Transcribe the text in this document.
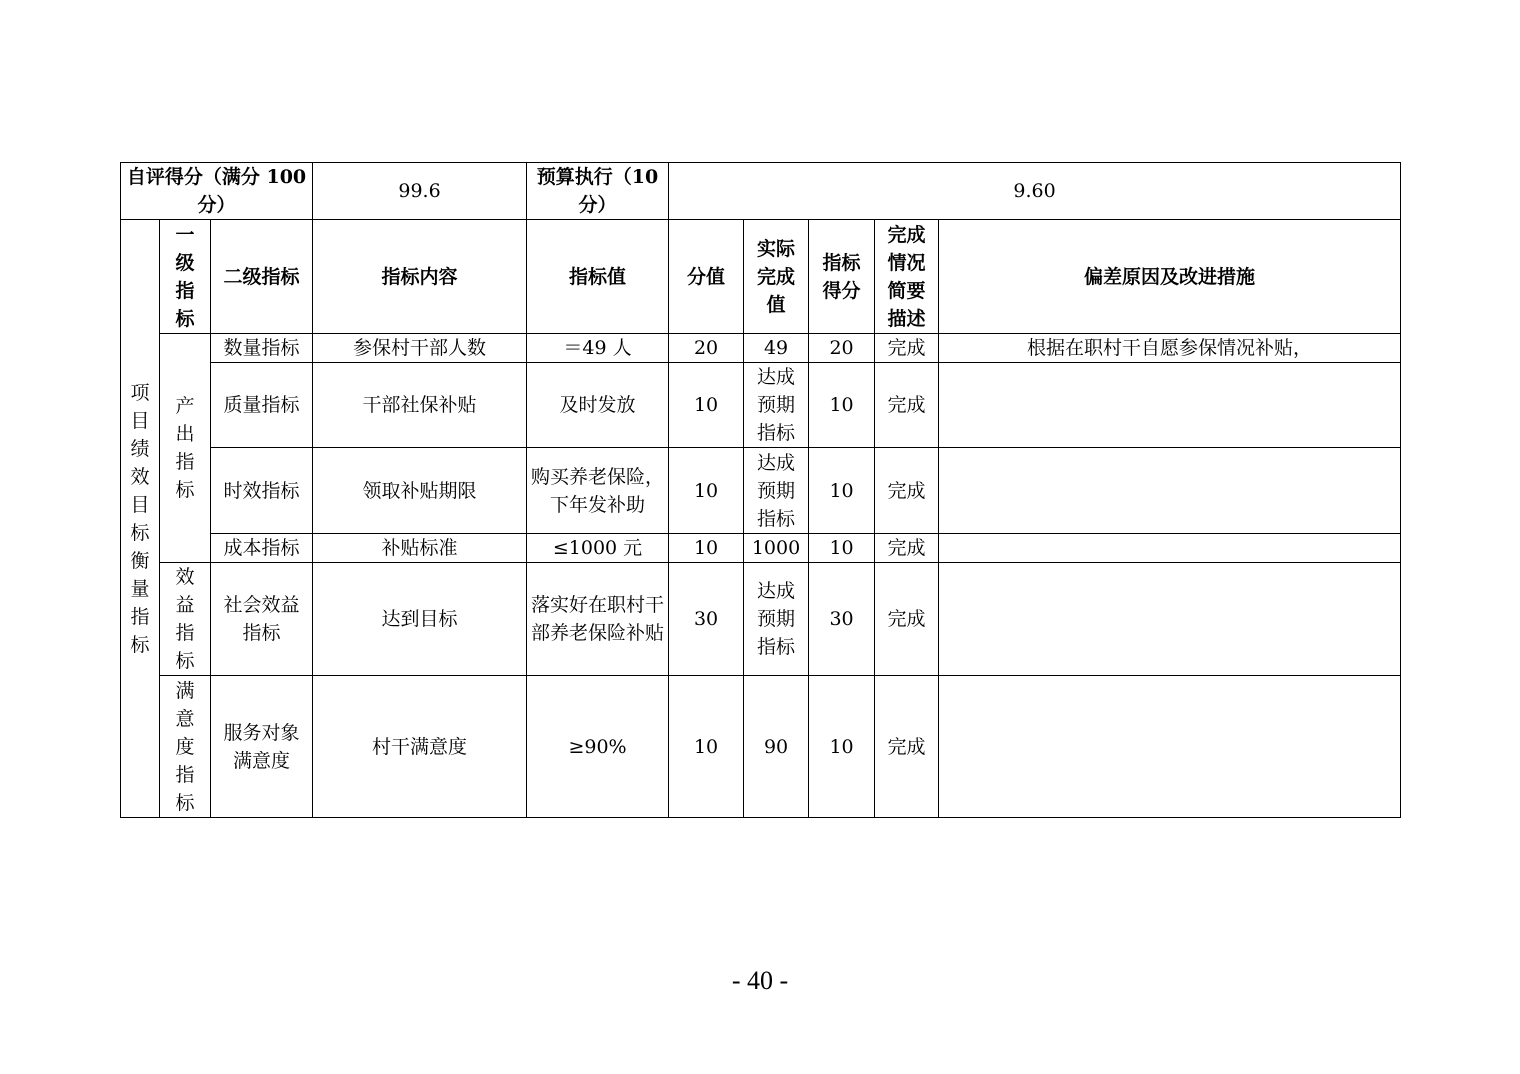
自评得分（满分 100 分）			99.6	预算执行（10 分）	9.60				
项目绩效目标衡量指标	一级指标	二级指标	指标内容	指标值	分值	实际完成值	指标得分	完成情况简要描述	偏差原因及改进措施
	产出指标	数量指标	参保村干部人数	＝49 人	20	49	20	完成	根据在职村干自愿参保情况补贴，
		质量指标	干部社保补贴	及时发放	10	达成预期指标	10	完成	
		时效指标	领取补贴期限	购买养老保险，下年发补助	10	达成预期指标	10	完成	
		成本指标	补贴标准	≤1000 元	10	1000	10	完成	
	效益指标	社会效益指标	达到目标	落实好在职村干部养老保险补贴	30	达成预期指标	30	完成	
	满意度指标	服务对象满意度	村干满意度	≥90%	10	90	10	完成	
- 40 -
